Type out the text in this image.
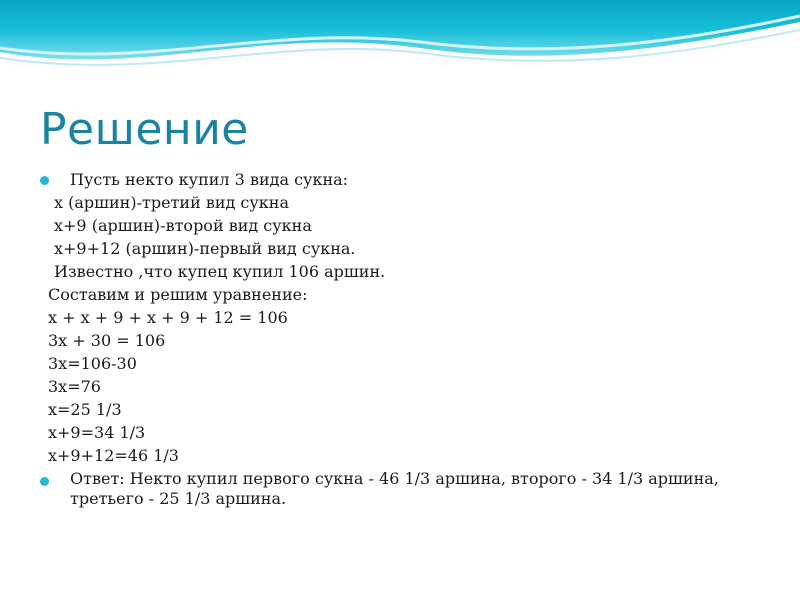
Решение
Пусть некто купил 3 вида сукна:
х (аршин)-третий вид сукна
х+9 (аршин)-второй вид сукна
х+9+12 (аршин)-первый вид сукна.
Известно ,что купец купил 106 аршин.
Составим и решим уравнение:
х + х + 9 + х + 9 + 12 = 106
3х + 30 = 106
3х=106-30
3х=76
х=25 1/3
х+9=34 1/3
х+9+12=46 1/3
Ответ: Некто купил первого сукна - 46 1/3 аршина, второго - 34 1/3 аршина, третьего - 25 1/3 аршина.
